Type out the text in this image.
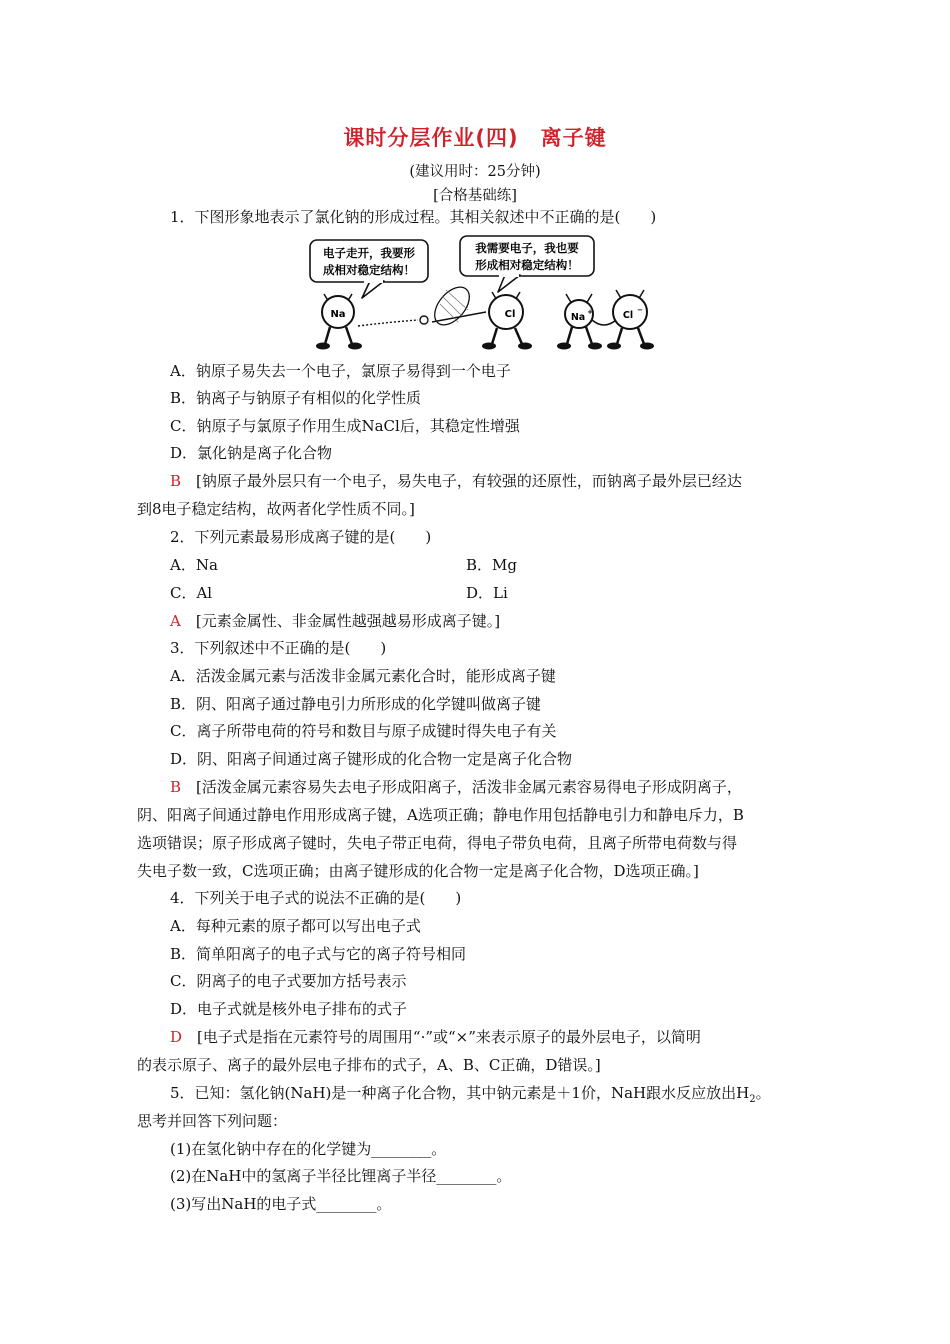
课时分层作业(四)　离子键
(建议用时：25分钟)
[合格基础练]
1．下图形象地表示了氯化钠的形成过程。其相关叙述中不正确的是(　　)
电子走开，我要形
成相对稳定结构！
我需要电子，我也要
形成相对稳定结构！
Na	Cl	Na +	Cl −
A．钠原子易失去一个电子，氯原子易得到一个电子
B．钠离子与钠原子有相似的化学性质
C．钠原子与氯原子作用生成NaCl后，其稳定性增强
D．氯化钠是离子化合物
B　 [钠原子最外层只有一个电子，易失电子，有较强的还原性，而钠离子最外层已经达
到8电子稳定结构，故两者化学性质不同。]
2．下列元素最易形成离子键的是(　　)
A．Na	B．Mg
C．Al	D．Li
A　 [元素金属性、非金属性越强越易形成离子键。]
3．下列叙述中不正确的是(　　)
A．活泼金属元素与活泼非金属元素化合时，能形成离子键
B．阴、阳离子通过静电引力所形成的化学键叫做离子键
C．离子所带电荷的符号和数目与原子成键时得失电子有关
D．阴、阳离子间通过离子键形成的化合物一定是离子化合物
B　 [活泼金属元素容易失去电子形成阳离子，活泼非金属元素容易得电子形成阴离子，
阴、阳离子间通过静电作用形成离子键，A选项正确；静电作用包括静电引力和静电斥力，B
选项错误；原子形成离子键时，失电子带正电荷，得电子带负电荷，且离子所带电荷数与得
失电子数一致，C选项正确；由离子键形成的化合物一定是离子化合物，D选项正确。]
4．下列关于电子式的说法不正确的是(　　)
A．每种元素的原子都可以写出电子式
B．简单阳离子的电子式与它的离子符号相同
C．阴离子的电子式要加方括号表示
D．电子式就是核外电子排布的式子
D　 [电子式是指在元素符号的周围用“·”或“×”来表示原子的最外层电子，以简明
的表示原子、离子的最外层电子排布的式子，A、B、C正确，D错误。]
5．已知：氢化钠(NaH)是一种离子化合物，其中钠元素是＋1价，NaH跟水反应放出$H_2$。
思考并回答下列问题：
(1)在氢化钠中存在的化学键为________。
(2)在NaH中的氢离子半径比锂离子半径________。
(3)写出NaH的电子式________。
